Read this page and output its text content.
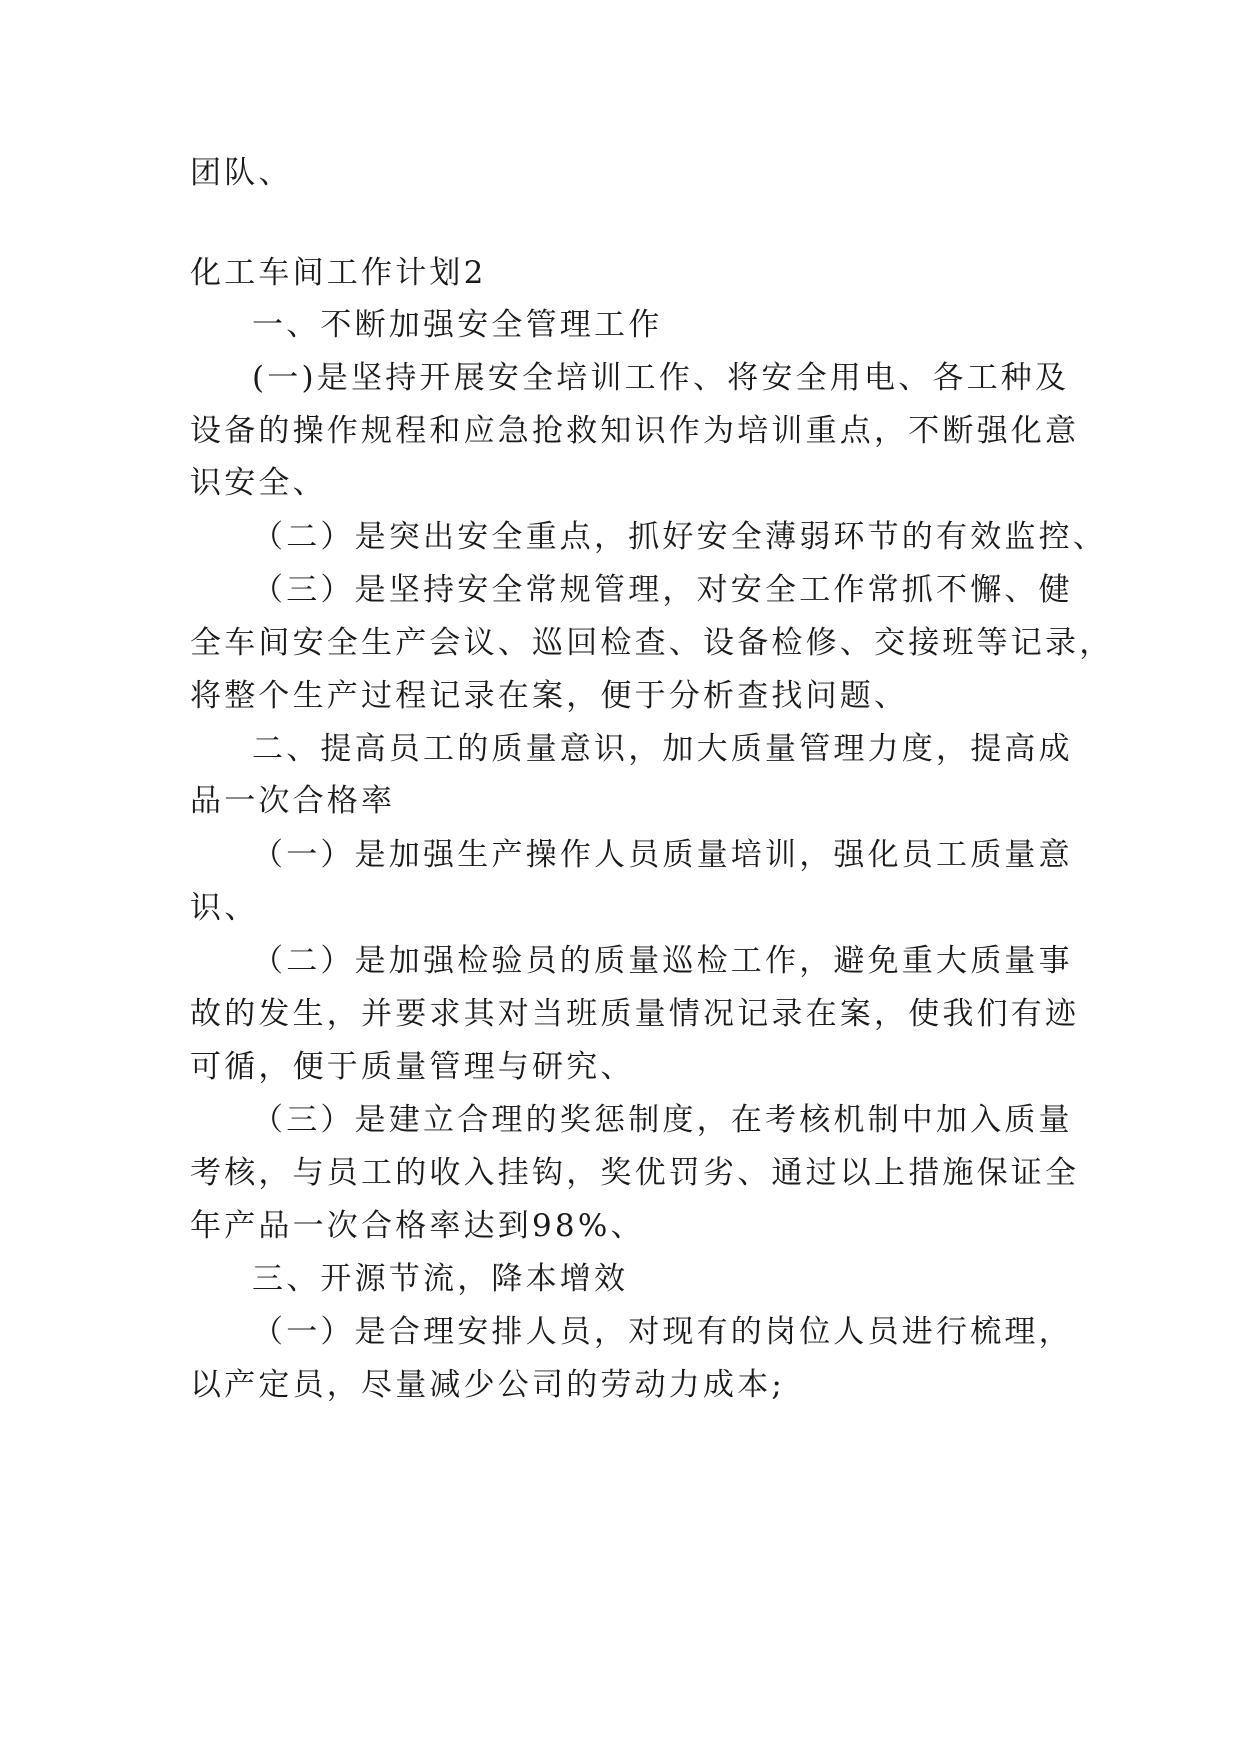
团队、
化工车间工作计划2
一、不断加强安全管理工作
(一)是坚持开展安全培训工作、将安全用电、各工种及
设备的操作规程和应急抢救知识作为培训重点，不断强化意
识安全、
（二）是突出安全重点，抓好安全薄弱环节的有效监控、
（三）是坚持安全常规管理，对安全工作常抓不懈、健
全车间安全生产会议、巡回检查、设备检修、交接班等记录，
将整个生产过程记录在案，便于分析查找问题、
二、提高员工的质量意识，加大质量管理力度，提高成
品一次合格率
（一）是加强生产操作人员质量培训，强化员工质量意
识、
（二）是加强检验员的质量巡检工作，避免重大质量事
故的发生，并要求其对当班质量情况记录在案，使我们有迹
可循，便于质量管理与研究、
（三）是建立合理的奖惩制度，在考核机制中加入质量
考核，与员工的收入挂钩，奖优罚劣、通过以上措施保证全
年产品一次合格率达到98%、
三、开源节流，降本增效
（一）是合理安排人员，对现有的岗位人员进行梳理，
以产定员，尽量减少公司的劳动力成本;
